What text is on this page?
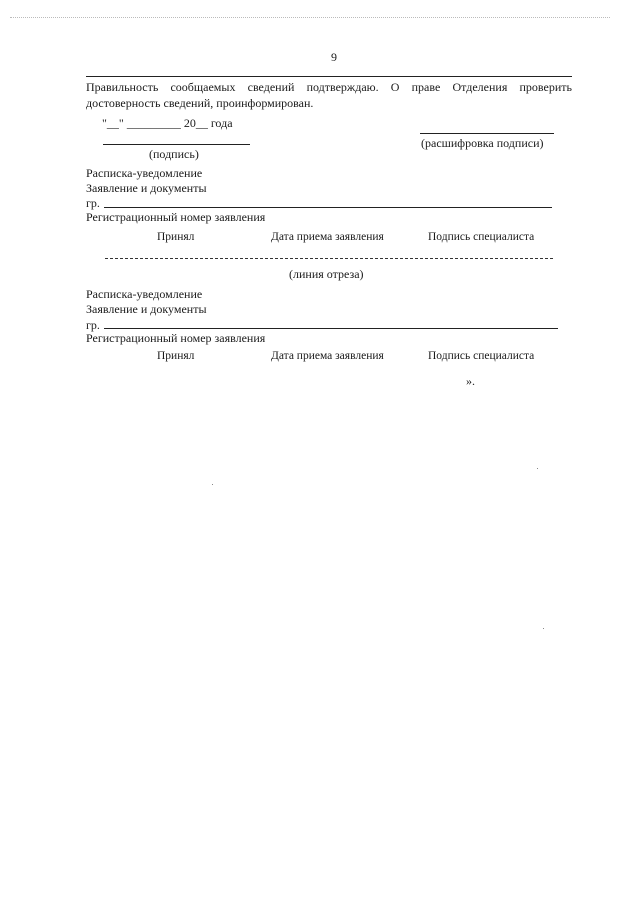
9
Правильность сообщаемых сведений подтверждаю. О праве Отделения проверить
достоверность сведений, проинформирован.
"__" _________ 20__ года
(подпись)
(расшифровка подписи)
Расписка-уведомление
Заявление и документы
гр.
Регистрационный номер заявления
Принял	Дата приема заявления	Подпись специалиста
(линия отреза)
Расписка-уведомление
Заявление и документы
гр.
Регистрационный номер заявления
Принял	Дата приема заявления	Подпись специалиста
».
